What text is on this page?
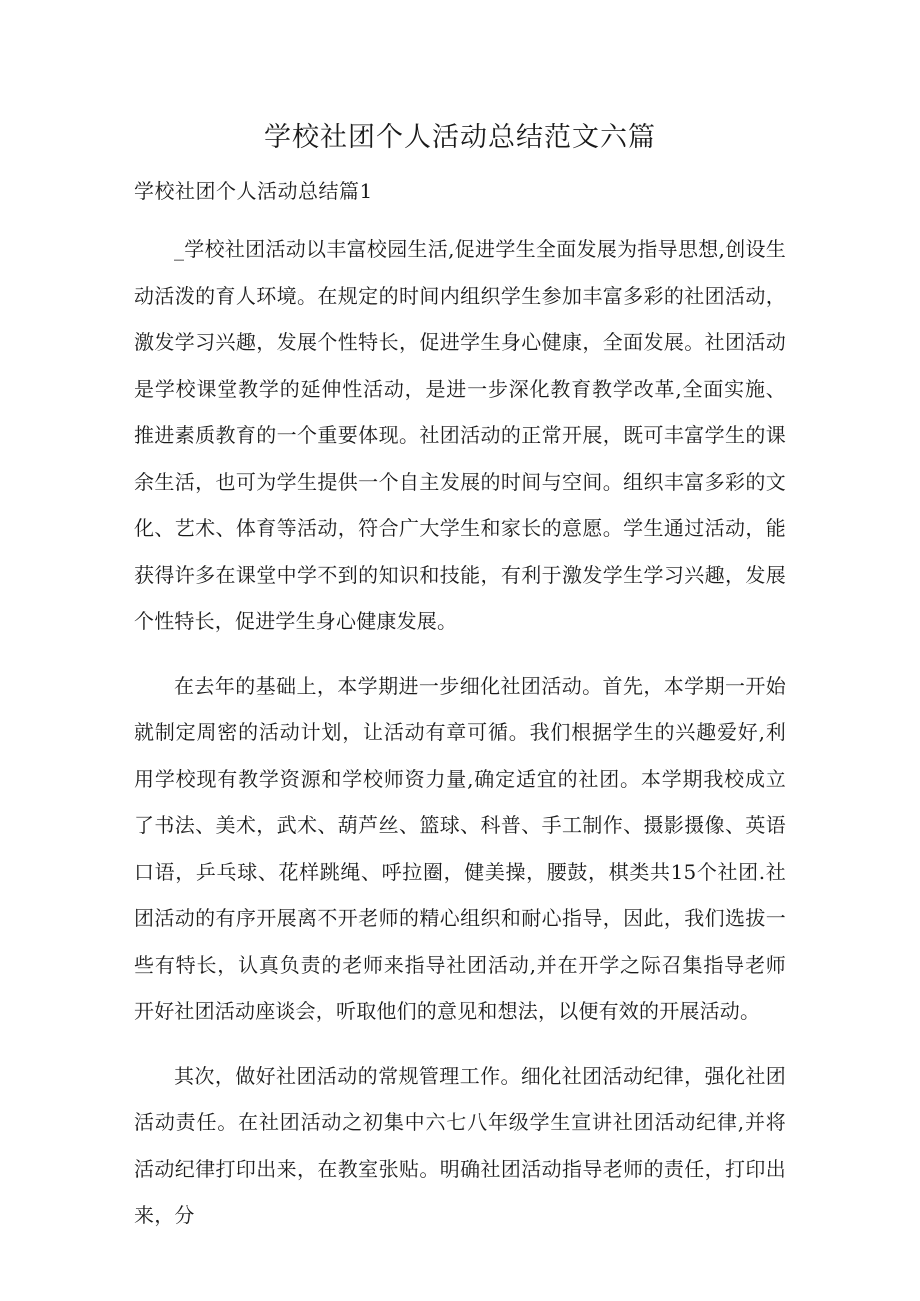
学校社团个人活动总结范文六篇
学校社团个人活动总结篇1

_学校社团活动以丰富校园生活,促进学生全面发展为指导思想,创设生动活泼的育人环境。在规定的时间内组织学生参加丰富多彩的社团活动，激发学习兴趣，发展个性特长，促进学生身心健康，全面发展。社团活动是学校课堂教学的延伸性活动，是进一步深化教育教学改革,全面实施、推进素质教育的一个重要体现。社团活动的正常开展，既可丰富学生的课余生活，也可为学生提供一个自主发展的时间与空间。组织丰富多彩的文化、艺术、体育等活动，符合广大学生和家长的意愿。学生通过活动，能获得许多在课堂中学不到的知识和技能，有利于激发学生学习兴趣，发展个性特长，促进学生身心健康发展。

在去年的基础上，本学期进一步细化社团活动。首先，本学期一开始就制定周密的活动计划，让活动有章可循。我们根据学生的兴趣爱好,利用学校现有教学资源和学校师资力量,确定适宜的社团。本学期我校成立了书法、美术，武术、葫芦丝、篮球、科普、手工制作、摄影摄像、英语口语，乒乓球、花样跳绳、呼拉圈，健美操，腰鼓，棋类共15个社团.社团活动的有序开展离不开老师的精心组织和耐心指导，因此，我们选拔一些有特长，认真负责的老师来指导社团活动,并在开学之际召集指导老师开好社团活动座谈会，听取他们的意见和想法，以便有效的开展活动。

其次，做好社团活动的常规管理工作。细化社团活动纪律，强化社团活动责任。在社团活动之初集中六七八年级学生宣讲社团活动纪律,并将活动纪律打印出来，在教室张贴。明确社团活动指导老师的责任，打印出来，分
